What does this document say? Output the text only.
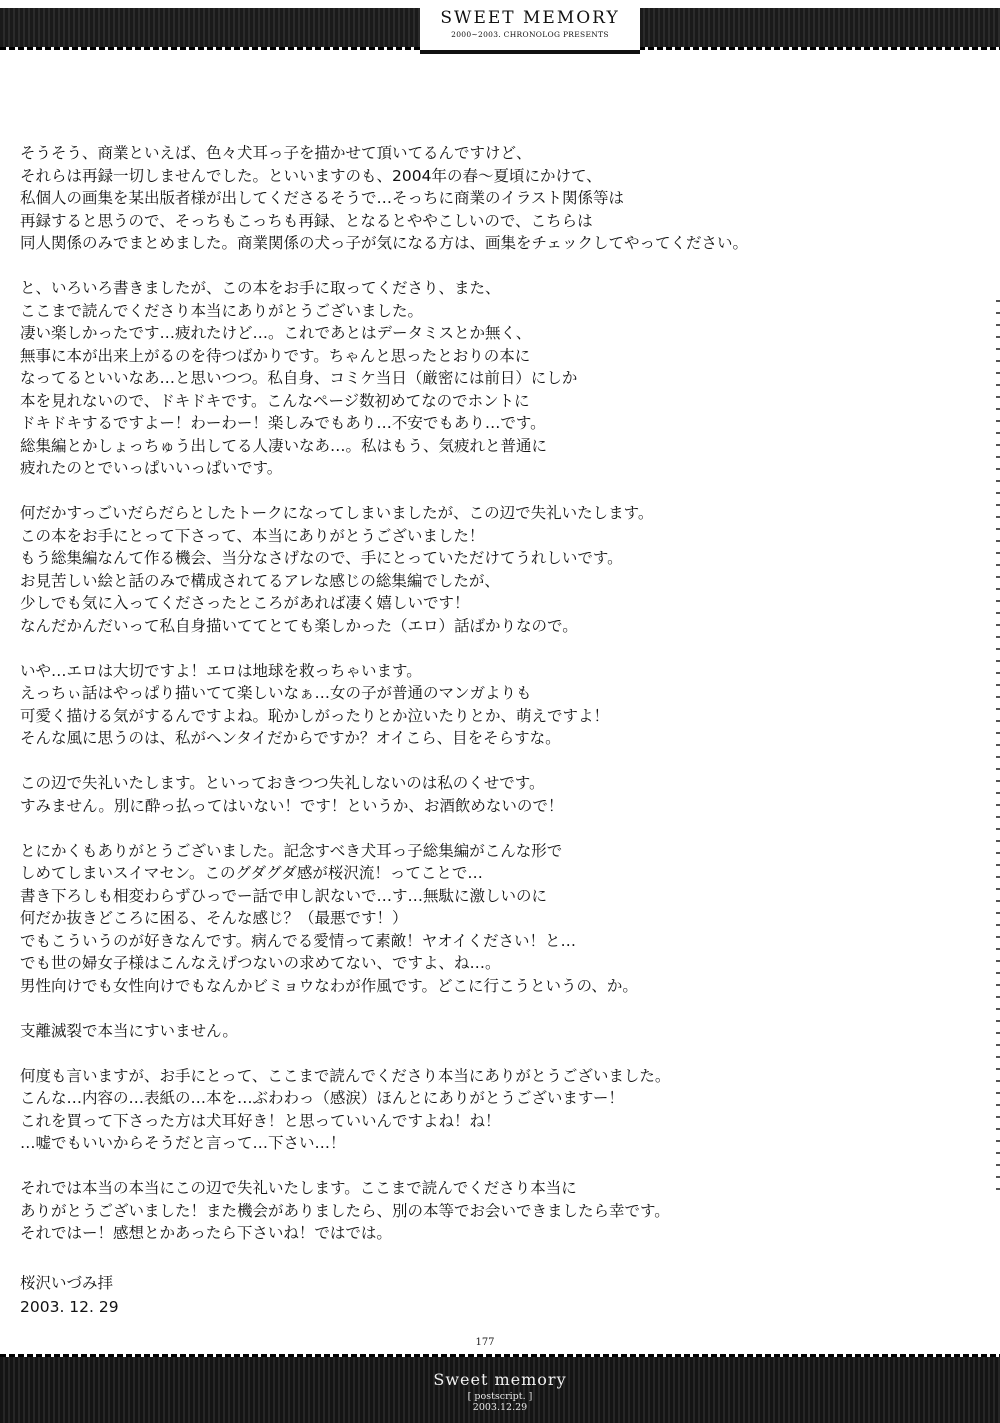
SWEET MEMORY
2000~2003. CHRONOLOG PRESENTS
そうそう、商業といえば、色々犬耳っ子を描かせて頂いてるんですけど、
それらは再録一切しませんでした。といいますのも、2004年の春～夏頃にかけて、
私個人の画集を某出版者様が出してくださるそうで…そっちに商業のイラスト関係等は
再録すると思うので、そっちもこっちも再録、となるとややこしいので、こちらは
同人関係のみでまとめました。商業関係の犬っ子が気になる方は、画集をチェックしてやってください。
と、いろいろ書きましたが、この本をお手に取ってくださり、また、
ここまで読んでくださり本当にありがとうございました。
凄い楽しかったです…疲れたけど…。これであとはデータミスとか無く、
無事に本が出来上がるのを待つばかりです。ちゃんと思ったとおりの本に
なってるといいなあ…と思いつつ。私自身、コミケ当日（厳密には前日）にしか
本を見れないので、ドキドキです。こんなページ数初めてなのでホントに
ドキドキするですよー！わーわー！楽しみでもあり…不安でもあり…です。
総集編とかしょっちゅう出してる人凄いなあ…。私はもう、気疲れと普通に
疲れたのとでいっぱいいっぱいです。
何だかすっごいだらだらとしたトークになってしまいましたが、この辺で失礼いたします。
この本をお手にとって下さって、本当にありがとうございました！
もう総集編なんて作る機会、当分なさげなので、手にとっていただけてうれしいです。
お見苦しい絵と話のみで構成されてるアレな感じの総集編でしたが、
少しでも気に入ってくださったところがあれば凄く嬉しいです！
なんだかんだいって私自身描いててとても楽しかった（エロ）話ばかりなので。
いや…エロは大切ですよ！エロは地球を救っちゃいます。
えっちぃ話はやっぱり描いてて楽しいなぁ…女の子が普通のマンガよりも
可愛く描ける気がするんですよね。恥かしがったりとか泣いたりとか、萌えですよ！
そんな風に思うのは、私がヘンタイだからですか？オイこら、目をそらすな。
この辺で失礼いたします。といっておきつつ失礼しないのは私のくせです。
すみません。別に酔っ払ってはいない！です！というか、お酒飲めないので！
とにかくもありがとうございました。記念すべき犬耳っ子総集編がこんな形で
しめてしまいスイマセン。このグダグダ感が桜沢流！ってことで…
書き下ろしも相変わらずひっでー話で申し訳ないで…す…無駄に激しいのに
何だか抜きどころに困る、そんな感じ？（最悪です！）
でもこういうのが好きなんです。病んでる愛情って素敵！ヤオイください！と…
でも世の婦女子様はこんなえげつないの求めてない、ですよ、ね…。
男性向けでも女性向けでもなんかビミョウなわが作風です。どこに行こうというの、か。
支離滅裂で本当にすいません。
何度も言いますが、お手にとって、ここまで読んでくださり本当にありがとうございました。
こんな…内容の…表紙の…本を…ぶわわっ（感涙）ほんとにありがとうございますー！
これを買って下さった方は犬耳好き！と思っていいんですよね！ね！
…嘘でもいいからそうだと言って…下さい…！
それでは本当の本当にこの辺で失礼いたします。ここまで読んでくださり本当に
ありがとうございました！また機会がありましたら、別の本等でお会いできましたら幸です。
それではー！感想とかあったら下さいね！ではでは。
桜沢いづみ拝
2003. 12. 29
177
Sweet memory
[ postscript. ]
2003.12.29
